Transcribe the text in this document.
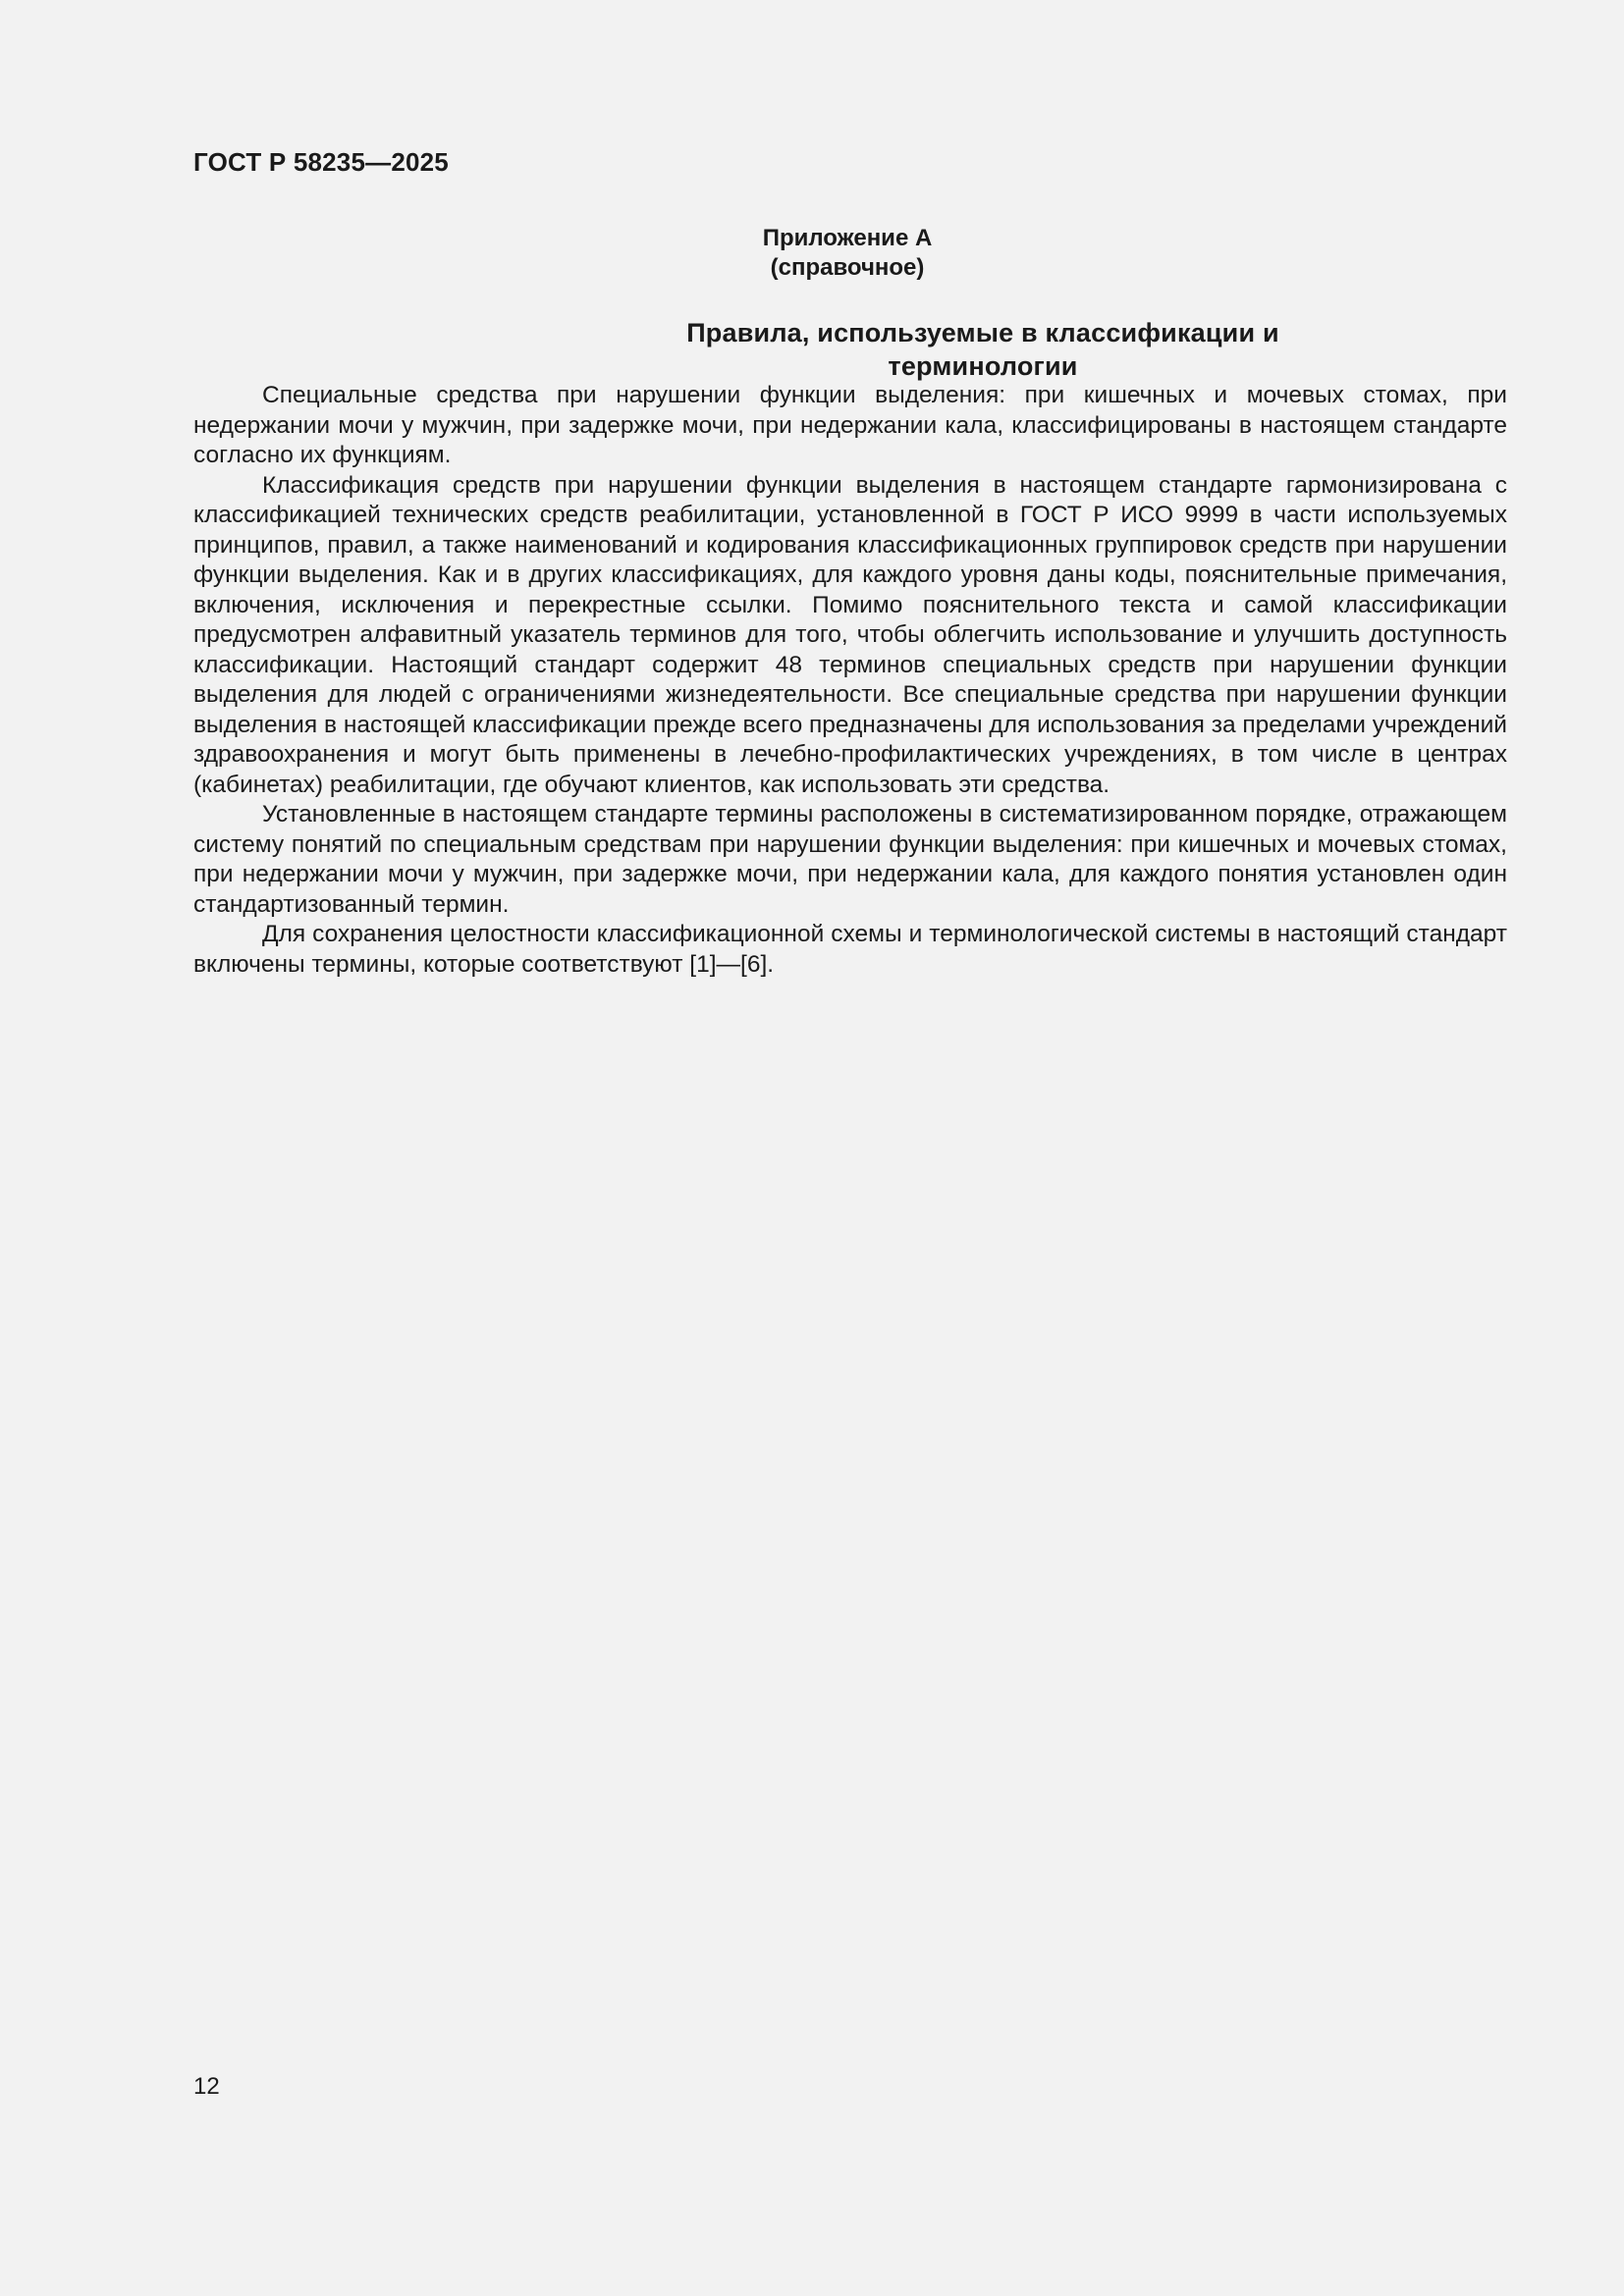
ГОСТ Р 58235—2025
Приложение А
(справочное)
Правила, используемые в классификации и терминологии

Специальные средства при нарушении функции выделения: при кишечных и мочевых стомах, при недержании мочи у мужчин, при задержке мочи, при недержании кала, классифицированы в настоящем стандарте согласно их функциям.

Классификация средств при нарушении функции выделения в настоящем стандарте гармонизирована с классификацией технических средств реабилитации, установленной в ГОСТ Р ИСО 9999 в части используемых принципов, правил, а также наименований и кодирования классификационных группировок средств при нарушении функции выделения. Как и в других классификациях, для каждого уровня даны коды, пояснительные примечания, включения, исключения и перекрестные ссылки. Помимо пояснительного текста и самой классификации предусмотрен алфавитный указатель терминов для того, чтобы облегчить использование и улучшить доступность классификации. Настоящий стандарт содержит 48 терминов специальных средств при нарушении функции выделения для людей с ограничениями жизнедеятельности. Все специальные средства при нарушении функции выделения в настоящей классификации прежде всего предназначены для использования за пределами учреждений здравоохранения и могут быть применены в лечебно-профилактических учреждениях, в том числе в центрах (кабинетах) реабилитации, где обучают клиентов, как использовать эти средства.

Установленные в настоящем стандарте термины расположены в систематизированном порядке, отражающем систему понятий по специальным средствам при нарушении функции выделения: при кишечных и мочевых стомах, при недержании мочи у мужчин, при задержке мочи, при недержании кала, для каждого понятия установлен один стандартизованный термин.

Для сохранения целостности классификационной схемы и терминологической системы в настоящий стандарт включены термины, которые соответствуют [1]—[6].

12
